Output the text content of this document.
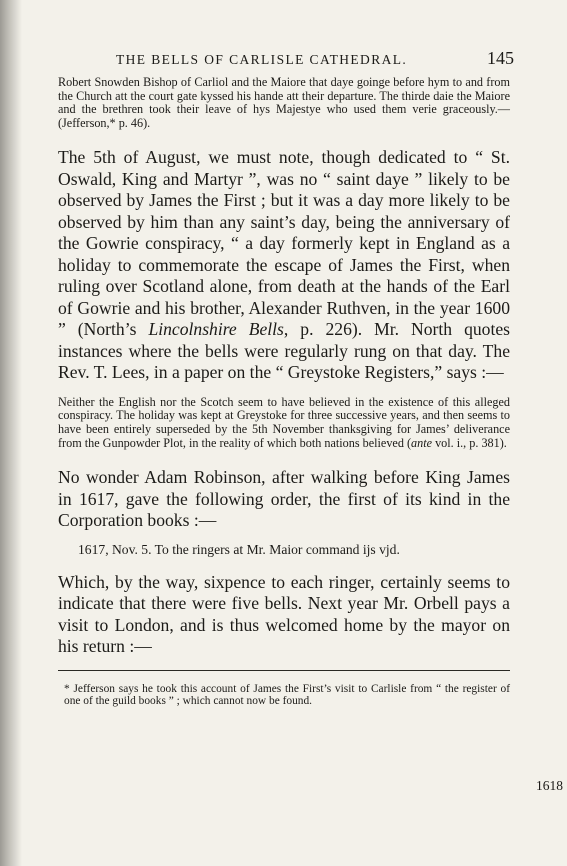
THE BELLS OF CARLISLE CATHEDRAL.	145

Robert Snowden Bishop of Carliol and the Maiore that daye goinge before hym to and from the Church att the court gate kyssed his hande att their departure. The thirde daie the Maiore and the brethren took their leave of hys Majestye who used them verie graceously.— (Jefferson,* p. 46).

The 5th of August, we must note, though dedicated to “ St. Oswald, King and Martyr ”, was no “ saint daye ” likely to be observed by James the First ; but it was a day more likely to be observed by him than any saint’s day, being the anniversary of the Gowrie conspiracy, “ a day formerly kept in England as a holiday to commemorate the escape of James the First, when ruling over Scotland alone, from death at the hands of the Earl of Gowrie and his brother, Alexander Ruthven, in the year 1600 ” (North’s Lincolnshire Bells, p. 226). Mr. North quotes instances where the bells were regularly rung on that day. The Rev. T. Lees, in a paper on the “ Greystoke Registers,” says :—

Neither the English nor the Scotch seem to have believed in the existence of this alleged conspiracy. The holiday was kept at Greystoke for three successive years, and then seems to have been entirely superseded by the 5th November thanksgiving for James’ deliverance from the Gunpowder Plot, in the reality of which both nations believed (ante vol. i., p. 381).

No wonder Adam Robinson, after walking before King James in 1617, gave the following order, the first of its kind in the Corporation books :—

1617, Nov. 5. To the ringers at Mr. Maior command ijs vjd.

Which, by the way, sixpence to each ringer, certainly seems to indicate that there were five bells. Next year Mr. Orbell pays a visit to London, and is thus welcomed home by the mayor on his return :—

* Jefferson says he took this account of James the First’s visit to Carlisle from “ the register of one of the guild books ” ; which cannot now be found.

1618
